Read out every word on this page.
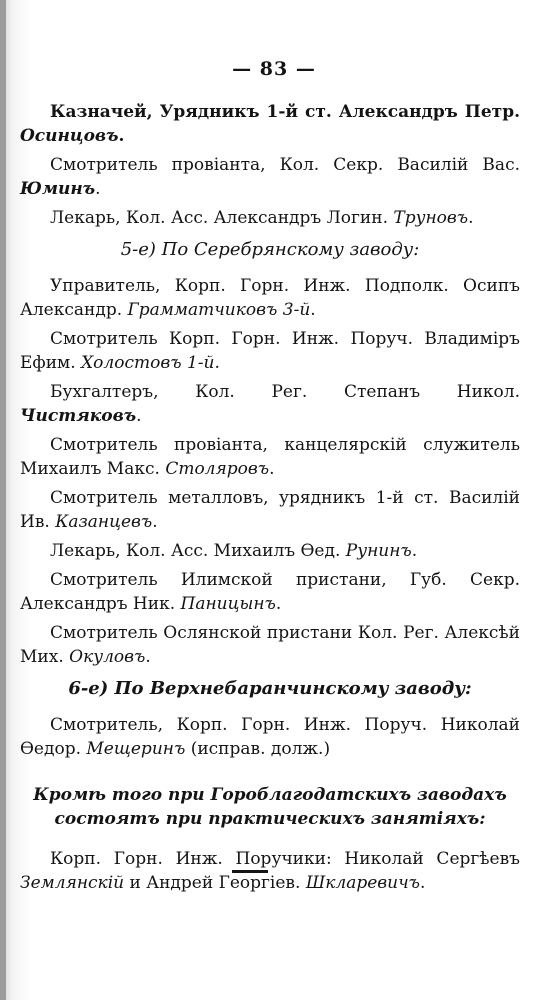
— 83 —

Казначей, Урядникъ 1-й ст. Александръ Петр. Осинцовъ.

Смотритель провіанта, Кол. Секр. Василій Вас. Юминъ.

Лекарь, Кол. Асс. Александръ Логин. Труновъ.

5-е) По Серебрянскому заводу:

Управитель, Корп. Горн. Инж. Подполк. Осипъ Александр. Грамматчиковъ 3-й.

Смотритель Корп. Горн. Инж. Поруч. Владиміръ Ефим. Холостовъ 1-й.

Бухгалтеръ, Кол. Рег. Степанъ Никол. Чистяковъ.

Смотритель провіанта, канцелярскій служитель Михаилъ Макс. Столяровъ.

Смотритель металловъ, урядникъ 1-й ст. Василій Ив. Казанцевъ.

Лекарь, Кол. Асс. Михаилъ Ѳед. Рунинъ.

Смотритель Илимской пристани, Губ. Секр. Александръ Ник. Паницынъ.

Смотритель Ослянской пристани Кол. Рег. Алексѣй Мих. Окуловъ.

6-е) По Верхнебаранчинскому заводу:

Смотритель, Корп. Горн. Инж. Поруч. Николай Ѳедор. Мещеринъ (исправ. долж.)

Кромѣ того при Гороблагодатскихъ заводахъ состоятъ при практическихъ занятіяхъ:

Корп. Горн. Инж. Поручики: Николай Сергѣевъ Землянскій и Андрей Георгіев. Шкларевичъ.
